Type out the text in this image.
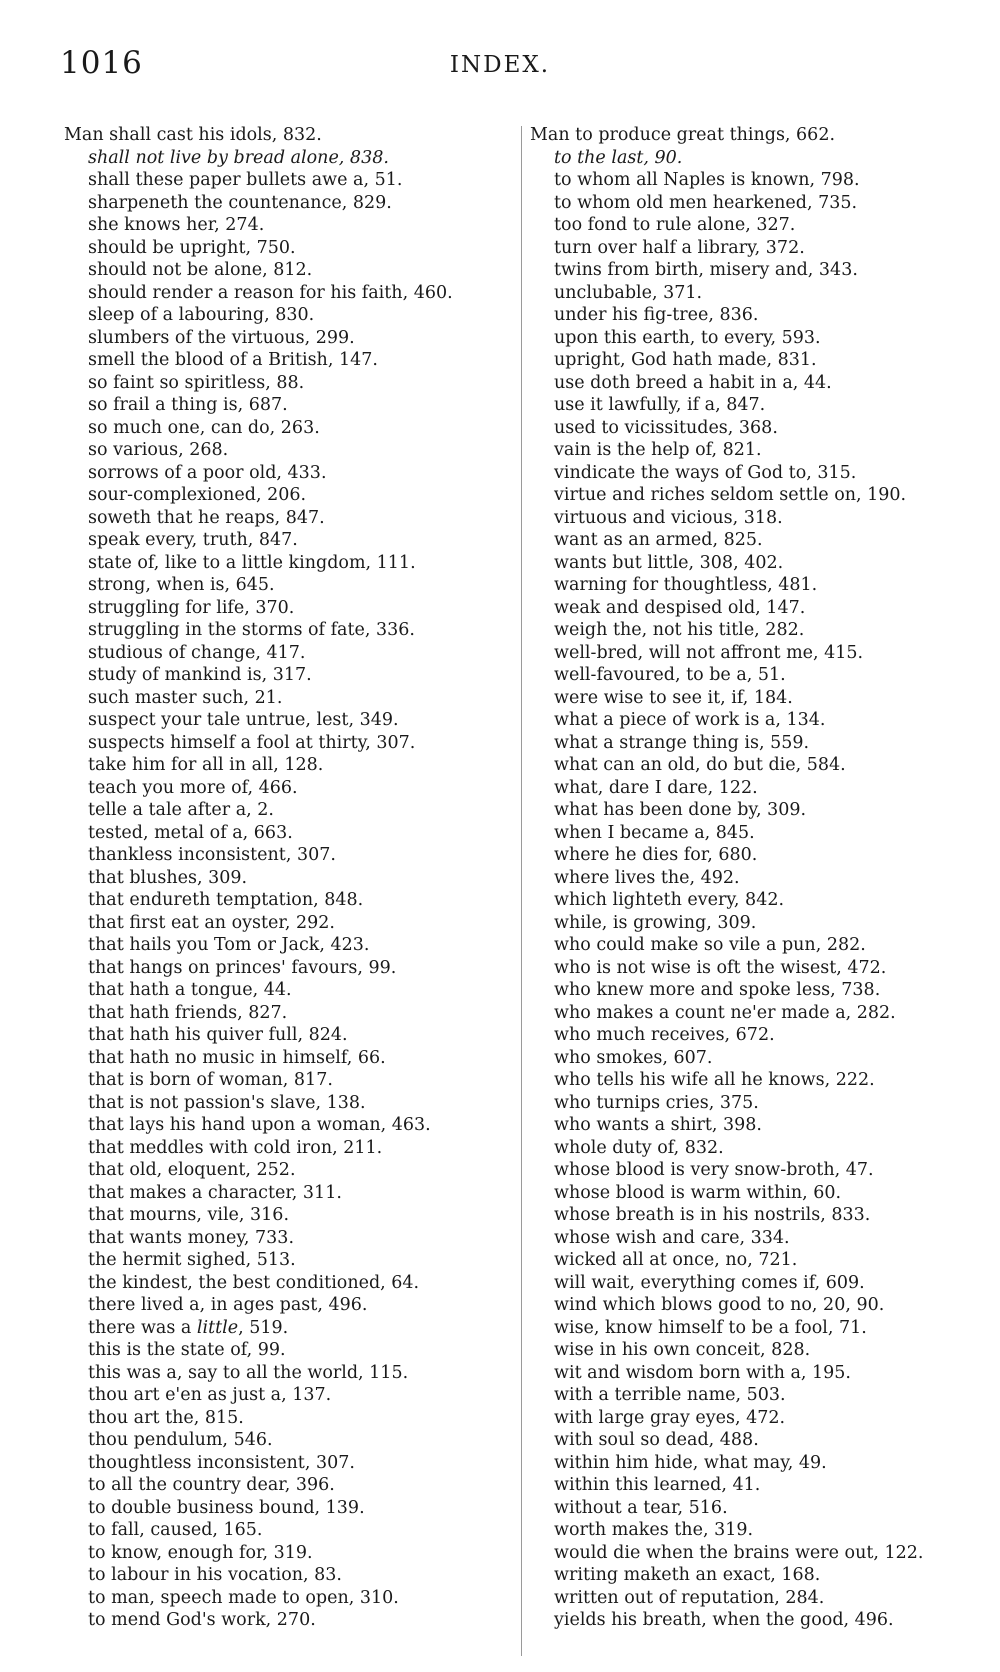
1016	INDEX.
Man shall cast his idols, 832.
shall not live by bread alone, 838.
shall these paper bullets awe a, 51.
sharpeneth the countenance, 829.
she knows her, 274.
should be upright, 750.
should not be alone, 812.
should render a reason for his faith, 460.
sleep of a labouring, 830.
slumbers of the virtuous, 299.
smell the blood of a British, 147.
so faint so spiritless, 88.
so frail a thing is, 687.
so much one, can do, 263.
so various, 268.
sorrows of a poor old, 433.
sour-complexioned, 206.
soweth that he reaps, 847.
speak every, truth, 847.
state of, like to a little kingdom, 111.
strong, when is, 645.
struggling for life, 370.
struggling in the storms of fate, 336.
studious of change, 417.
study of mankind is, 317.
such master such, 21.
suspect your tale untrue, lest, 349.
suspects himself a fool at thirty, 307.
take him for all in all, 128.
teach you more of, 466.
telle a tale after a, 2.
tested, metal of a, 663.
thankless inconsistent, 307.
that blushes, 309.
that endureth temptation, 848.
that first eat an oyster, 292.
that hails you Tom or Jack, 423.
that hangs on princes' favours, 99.
that hath a tongue, 44.
that hath friends, 827.
that hath his quiver full, 824.
that hath no music in himself, 66.
that is born of woman, 817.
that is not passion's slave, 138.
that lays his hand upon a woman, 463.
that meddles with cold iron, 211.
that old, eloquent, 252.
that makes a character, 311.
that mourns, vile, 316.
that wants money, 733.
the hermit sighed, 513.
the kindest, the best conditioned, 64.
there lived a, in ages past, 496.
there was a little, 519.
this is the state of, 99.
this was a, say to all the world, 115.
thou art e'en as just a, 137.
thou art the, 815.
thou pendulum, 546.
thoughtless inconsistent, 307.
to all the country dear, 396.
to double business bound, 139.
to fall, caused, 165.
to know, enough for, 319.
to labour in his vocation, 83.
to man, speech made to open, 310.
to mend God's work, 270.
Man to produce great things, 662.
to the last, 90.
to whom all Naples is known, 798.
to whom old men hearkened, 735.
too fond to rule alone, 327.
turn over half a library, 372.
twins from birth, misery and, 343.
unclubable, 371.
under his fig-tree, 836.
upon this earth, to every, 593.
upright, God hath made, 831.
use doth breed a habit in a, 44.
use it lawfully, if a, 847.
used to vicissitudes, 368.
vain is the help of, 821.
vindicate the ways of God to, 315.
virtue and riches seldom settle on, 190.
virtuous and vicious, 318.
want as an armed, 825.
wants but little, 308, 402.
warning for thoughtless, 481.
weak and despised old, 147.
weigh the, not his title, 282.
well-bred, will not affront me, 415.
well-favoured, to be a, 51.
were wise to see it, if, 184.
what a piece of work is a, 134.
what a strange thing is, 559.
what can an old, do but die, 584.
what, dare I dare, 122.
what has been done by, 309.
when I became a, 845.
where he dies for, 680.
where lives the, 492.
which lighteth every, 842.
while, is growing, 309.
who could make so vile a pun, 282.
who is not wise is oft the wisest, 472.
who knew more and spoke less, 738.
who makes a count ne'er made a, 282.
who much receives, 672.
who smokes, 607.
who tells his wife all he knows, 222.
who turnips cries, 375.
who wants a shirt, 398.
whole duty of, 832.
whose blood is very snow-broth, 47.
whose blood is warm within, 60.
whose breath is in his nostrils, 833.
whose wish and care, 334.
wicked all at once, no, 721.
will wait, everything comes if, 609.
wind which blows good to no, 20, 90.
wise, know himself to be a fool, 71.
wise in his own conceit, 828.
wit and wisdom born with a, 195.
with a terrible name, 503.
with large gray eyes, 472.
with soul so dead, 488.
within him hide, what may, 49.
within this learned, 41.
without a tear, 516.
worth makes the, 319.
would die when the brains were out, 122.
writing maketh an exact, 168.
written out of reputation, 284.
yields his breath, when the good, 496.
